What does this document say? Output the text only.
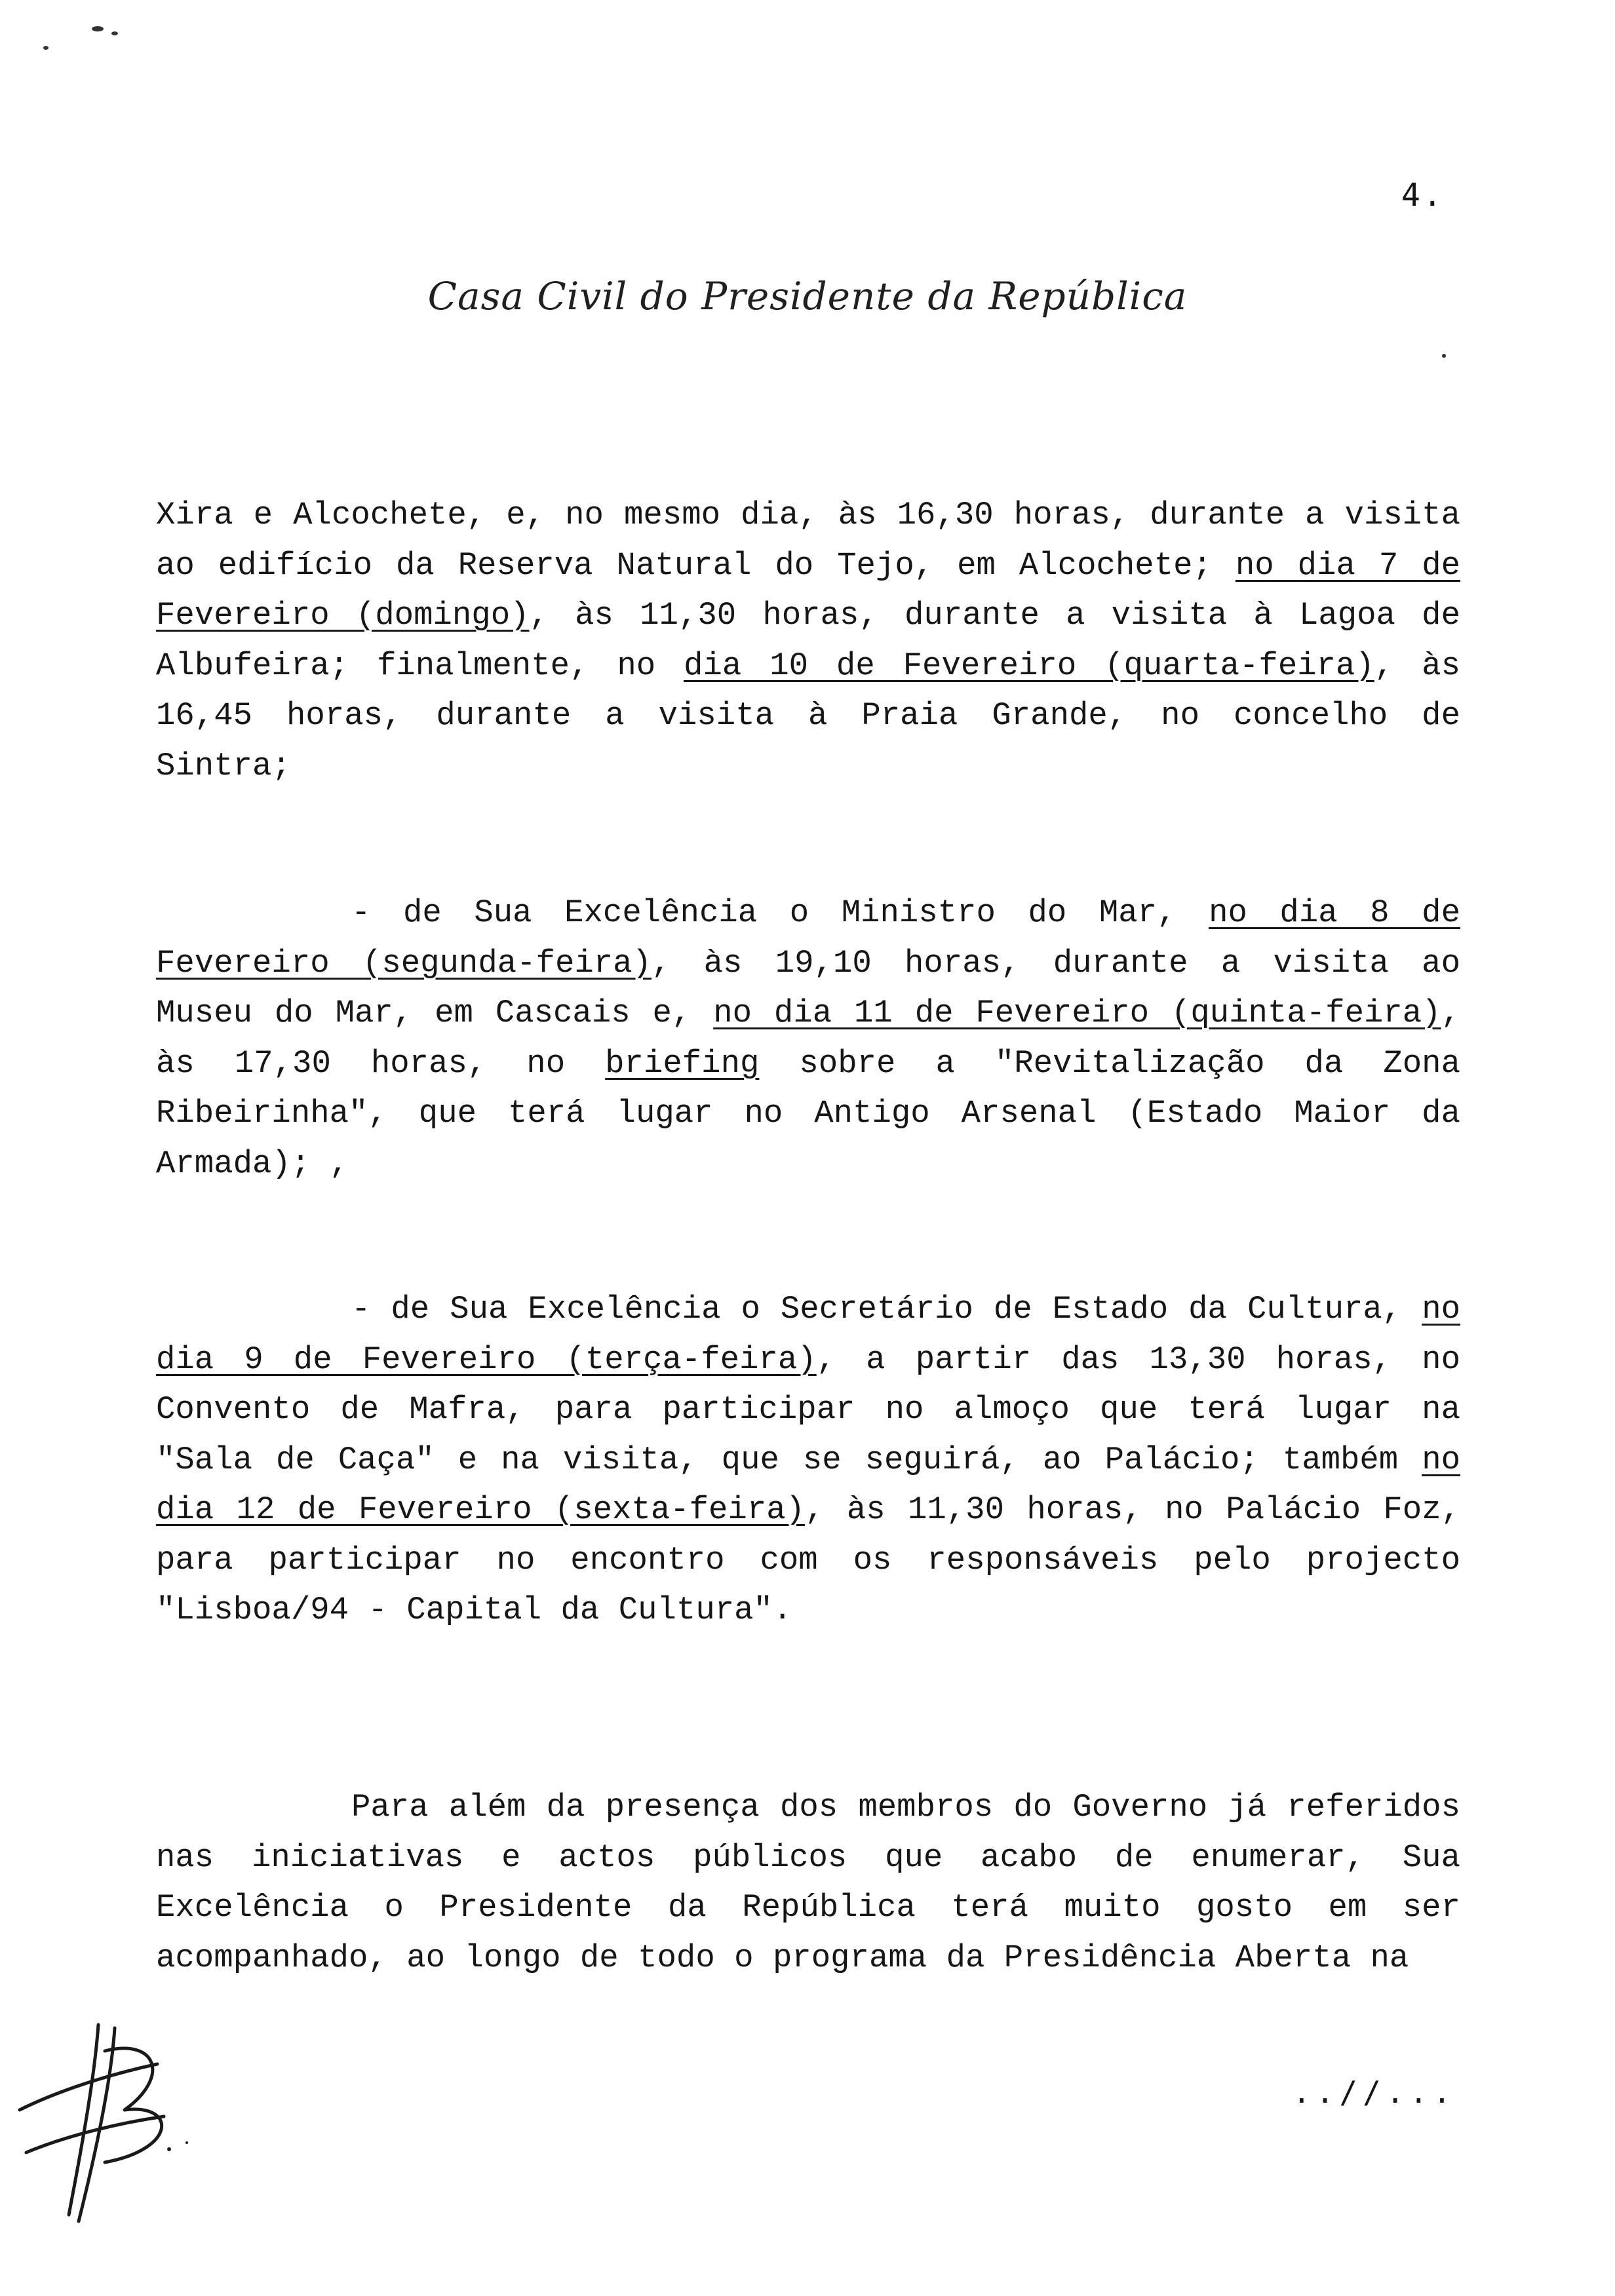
4.
Casa Civil do Presidente da República

Xira e Alcochete, e, no mesmo dia, às 16,30 horas, durante a visita ao edifício da Reserva Natural do Tejo, em Alcochete; no dia 7 de Fevereiro (domingo), às 11,30 horas, durante a visita à Lagoa de Albufeira; finalmente, no dia 10 de Fevereiro (quarta-feira), às 16,45 horas, durante a visita à Praia Grande, no concelho de Sintra;

- de Sua Excelência o Ministro do Mar, no dia 8 de Fevereiro (segunda-feira), às 19,10 horas, durante a visita ao Museu do Mar, em Cascais e, no dia 11 de Fevereiro (quinta-feira), às 17,30 horas, no briefing sobre a "Revitalização da Zona Ribeirinha", que terá lugar no Antigo Arsenal (Estado Maior da Armada); ,

- de Sua Excelência o Secretário de Estado da Cultura, no dia 9 de Fevereiro (terça-feira), a partir das 13,30 horas, no Convento de Mafra, para participar no almoço que terá lugar na "Sala de Caça" e na visita, que se seguirá, ao Palácio; também no dia 12 de Fevereiro (sexta-feira), às 11,30 horas, no Palácio Foz, para participar no encontro com os responsáveis pelo projecto "Lisboa/94 - Capital da Cultura".

Para além da presença dos membros do Governo já referidos nas iniciativas e actos públicos que acabo de enumerar, Sua Excelência o Presidente da República terá muito gosto em ser acompanhado, ao longo de todo o programa da Presidência Aberta na

..//...
